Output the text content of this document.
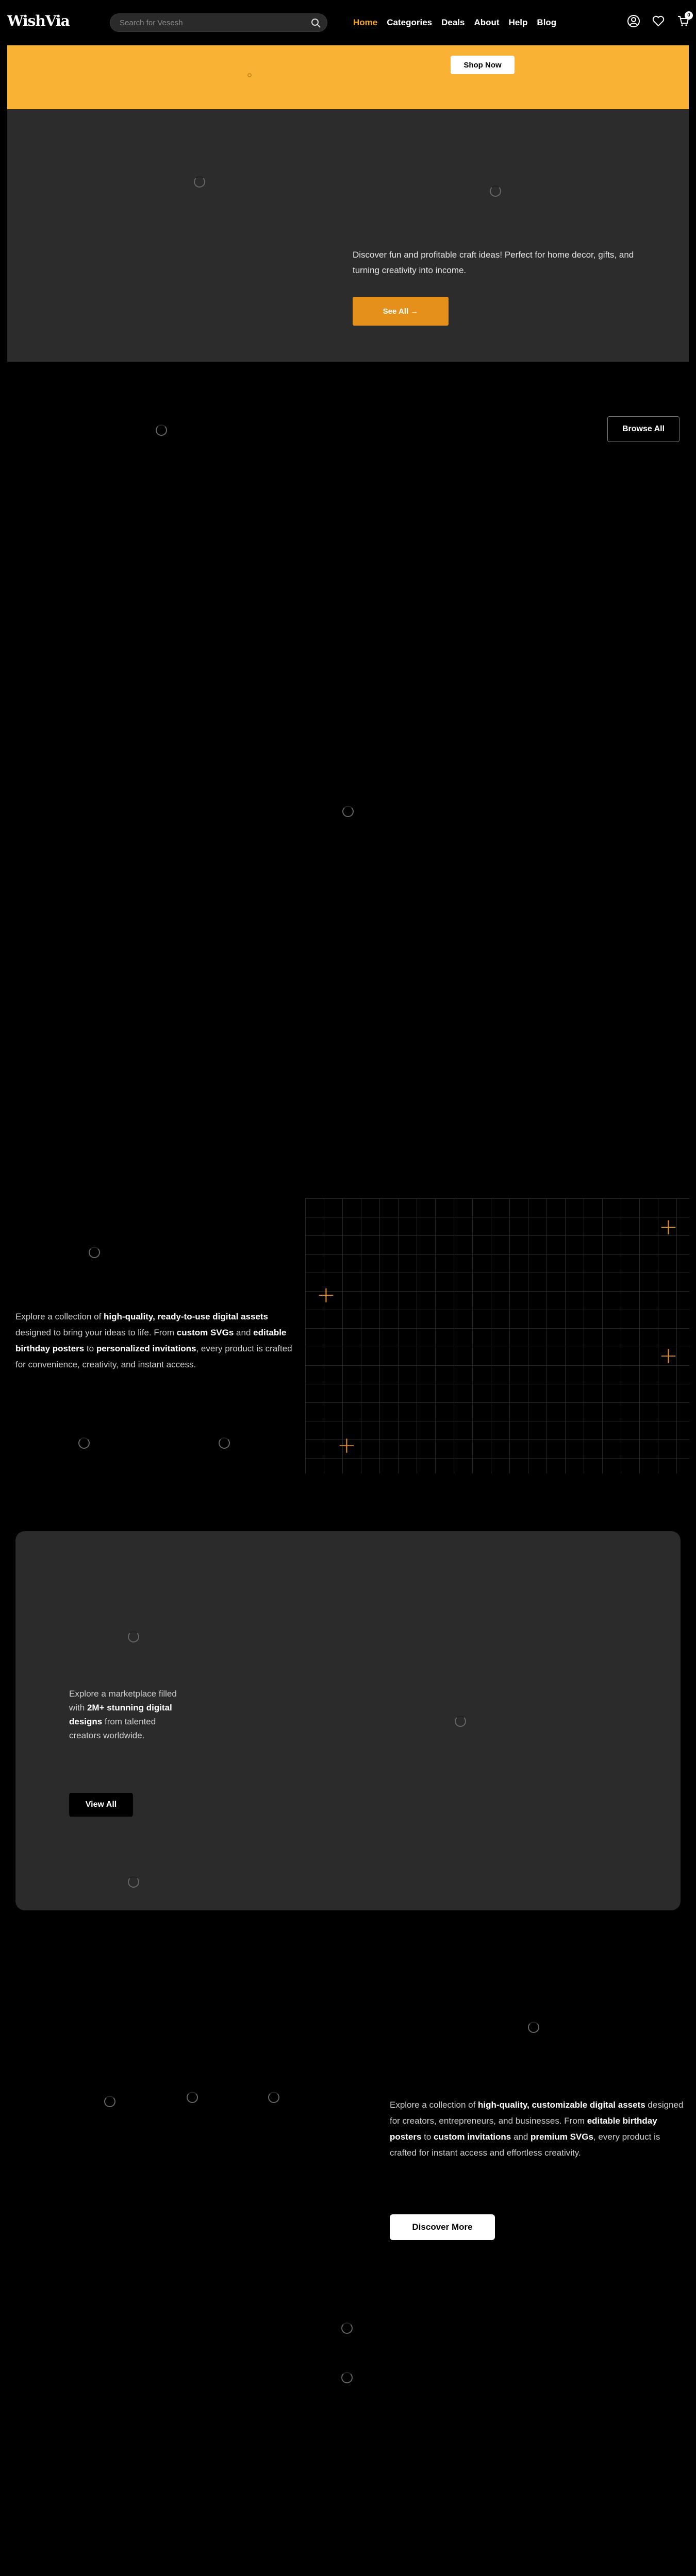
WishVia
Search for Vesesh	Home Categories Deals About Help Blog
0
Shop Now

Discover fun and profitable craft ideas! Perfect for home decor, gifts, and turning creativity into income.

See All →
Browse All
+
+
+
+

Explore a collection of high-quality, ready-to-use digital assets designed to bring your ideas to life. From custom SVGs and editable birthday posters to personalized invitations, every product is crafted for convenience, creativity, and instant access.

Explore a marketplace filled with 2M+ stunning digital designs from talented creators worldwide.

View All

Explore a collection of high-quality, customizable digital assets designed for creators, entrepreneurs, and businesses. From editable birthday posters to custom invitations and premium SVGs, every product is crafted for instant access and effortless creativity.

Discover More
